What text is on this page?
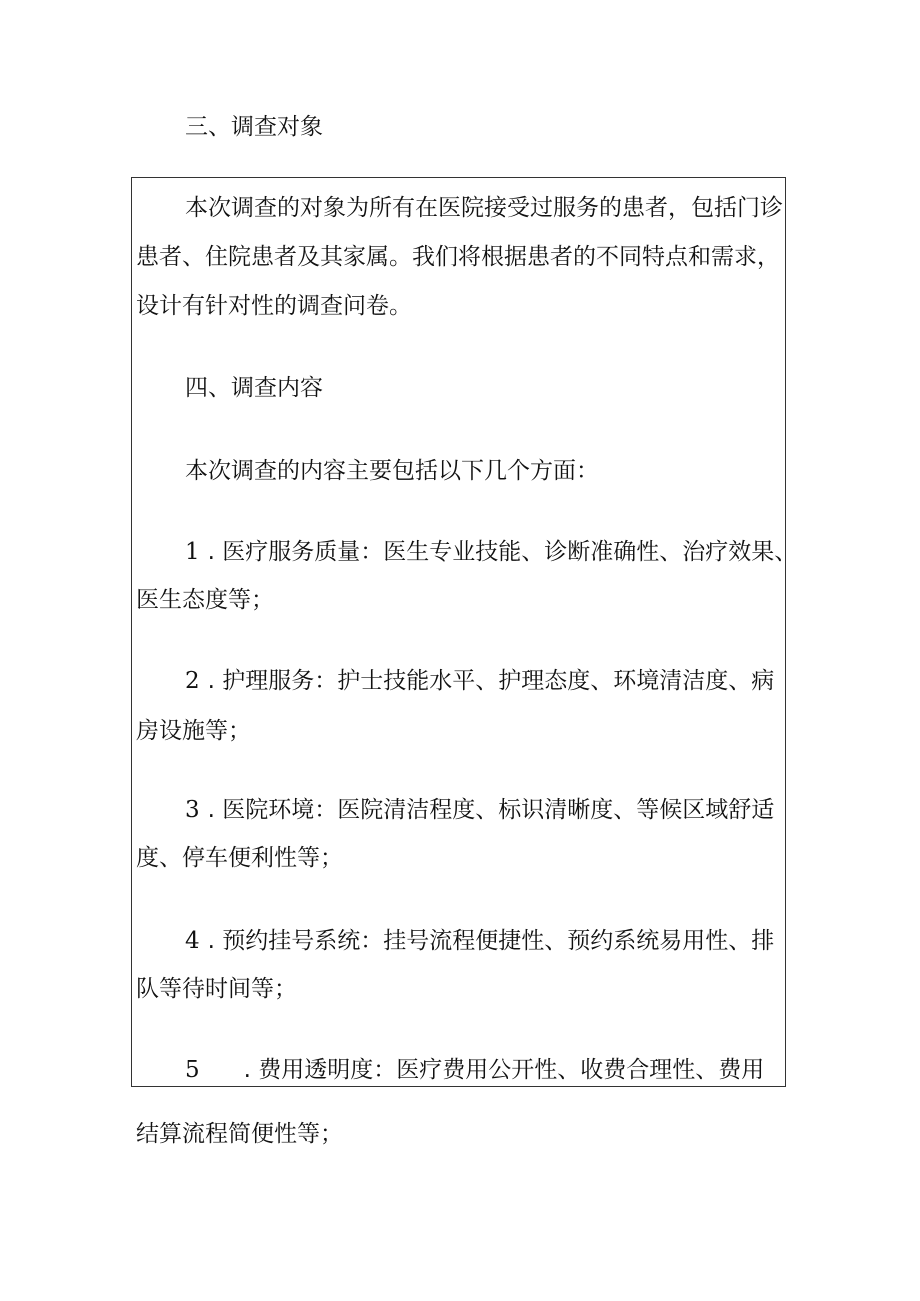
三、调查对象
本次调查的对象为所有在医院接受过服务的患者，包括门诊
患者、住院患者及其家属。我们将根据患者的不同特点和需求，
设计有针对性的调查问卷。
四、调查内容
本次调查的内容主要包括以下几个方面：
1 . 医疗服务质量：医生专业技能、诊断准确性、治疗效果、
医生态度等；
2 . 护理服务：护士技能水平、护理态度、环境清洁度、病
房设施等；
3 . 医院环境：医院清洁程度、标识清晰度、等候区域舒适
度、停车便利性等；
4 . 预约挂号系统：挂号流程便捷性、预约系统易用性、排
队等待时间等；
5 . 费用透明度：医疗费用公开性、收费合理性、费用
结算流程简便性等；
